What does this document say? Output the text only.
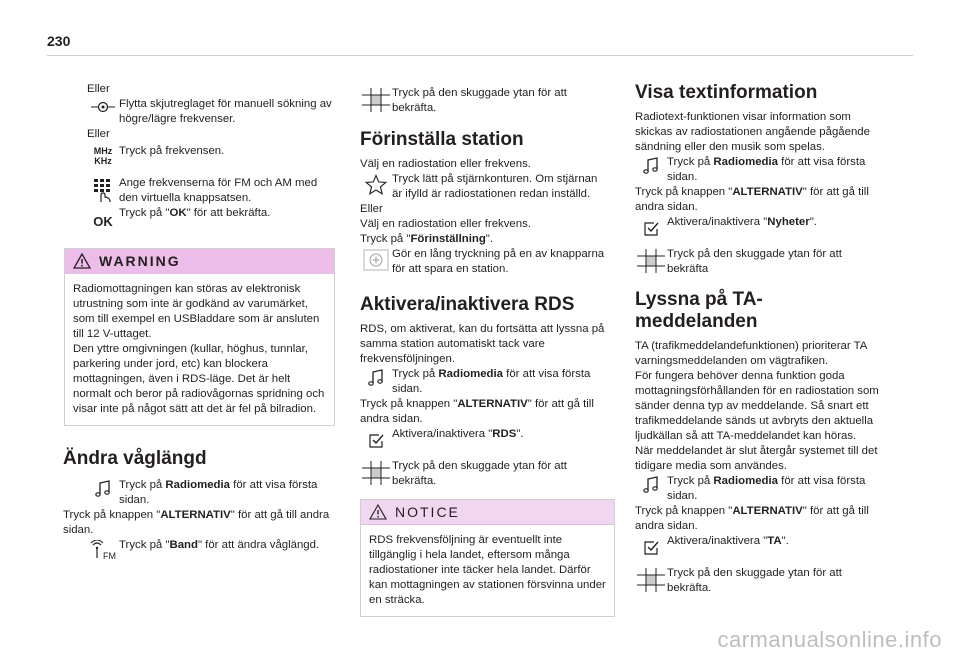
230

Eller

Flytta skjutreglaget för manuell sökning av högre/lägre frekvenser.

Eller

MHz
KHz

Tryck på frekvensen.

Ange frekvenserna för FM och AM med den virtuella knappsatsen.

OK

Tryck på "OK" för att bekräfta.

WARNING

Radiomottagningen kan störas av elektronisk utrustning som inte är godkänd av varumärket, som till exempel en USBladdare som är ansluten till 12 V-uttaget.

Den yttre omgivningen (kullar, höghus, tunnlar, parkering under jord, etc) kan blockera mottagningen, även i RDS-läge. Det är helt normalt och beror på radiovågornas spridning och visar inte på något sätt att det är fel på bilradion.

Ändra våglängd

Tryck på Radiomedia för att visa första sidan.

Tryck på knappen "ALTERNATIV" för att gå till andra sidan.

FM

Tryck på "Band" för att ändra våglängd.

Tryck på den skuggade ytan för att bekräfta.

Förinställa station

Välj en radiostation eller frekvens.

Tryck lätt på stjärnkonturen. Om stjärnan är ifylld är radiostationen redan inställd.

Eller

Välj en radiostation eller frekvens.

Tryck på "Förinställning".

Gör en lång tryckning på en av knapparna för att spara en station.

Aktivera/inaktivera RDS

RDS, om aktiverat, kan du fortsätta att lyssna på samma station automatiskt tack vare frekvensföljningen.

Tryck på Radiomedia för att visa första sidan.

Tryck på knappen "ALTERNATIV" för att gå till andra sidan.

Aktivera/inaktivera "RDS".

Tryck på den skuggade ytan för att bekräfta.

NOTICE

RDS frekvensföljning är eventuellt inte tillgänglig i hela landet, eftersom många radiostationer inte täcker hela landet. Därför kan mottagningen av stationen försvinna under en sträcka.

Visa textinformation

Radiotext-funktionen visar information som skickas av radiostationen angående pågående sändning eller den musik som spelas.

Tryck på Radiomedia för att visa första sidan.

Tryck på knappen "ALTERNATIV" för att gå till andra sidan.

Aktivera/inaktivera "Nyheter".

Tryck på den skuggade ytan för att bekräfta

Lyssna på TA-meddelanden

TA (trafikmeddelandefunktionen) prioriterar TA varningsmeddelanden om vägtrafiken.

För fungera behöver denna funktion goda mottagningsförhållanden för en radiostation som sänder denna typ av meddelande. Så snart ett trafikmeddelande sänds ut avbryts den aktuella ljudkällan så att TA-meddelandet kan höras.

När meddelandet är slut återgår systemet till det tidigare media som användes.

Tryck på Radiomedia för att visa första sidan.

Tryck på knappen "ALTERNATIV" för att gå till andra sidan.

Aktivera/inaktivera "TA".

Tryck på den skuggade ytan för att bekräfta.

carmanualsonline.info
